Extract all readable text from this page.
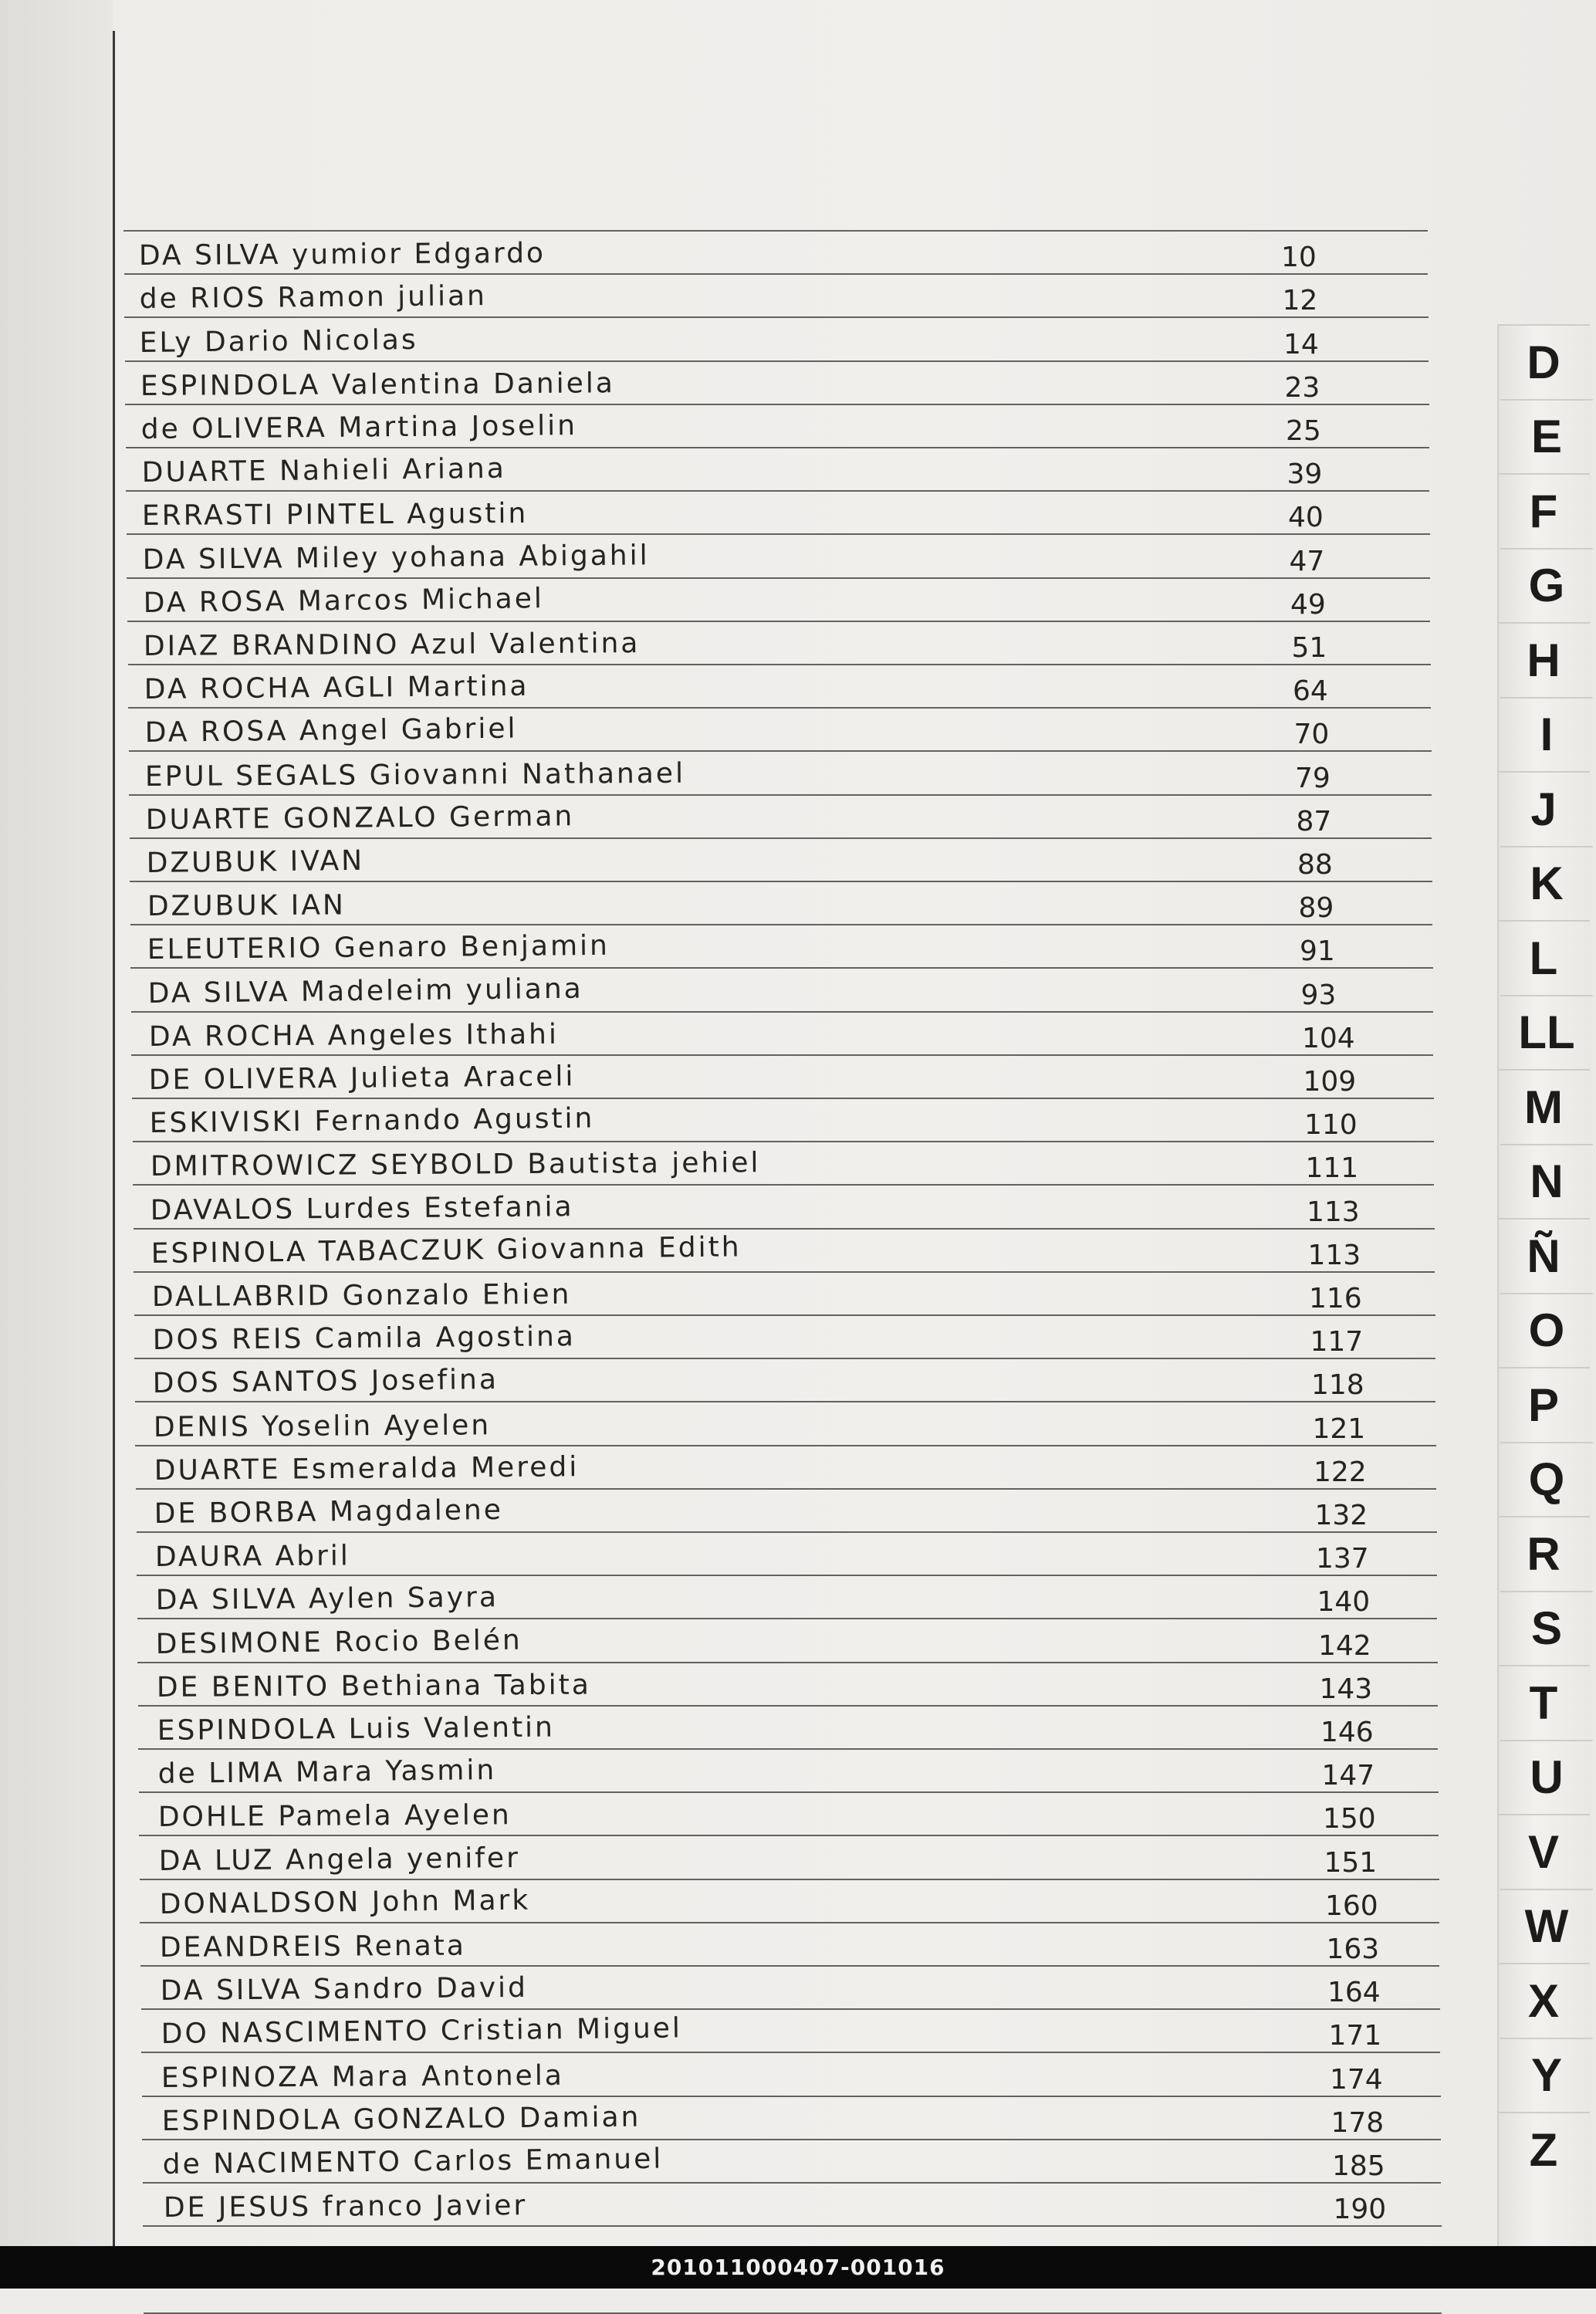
DA SILVA yumior Edgardo	10
de RIOS Ramon julian	12
ELy Dario Nicolas	14
ESPINDOLA Valentina Daniela	23
de OLIVERA Martina Joselin	25
DUARTE Nahieli Ariana	39
ERRASTI PINTEL Agustin	40
DA SILVA Miley yohana Abigahil	47
DA ROSA Marcos Michael	49
DIAZ BRANDINO Azul Valentina	51
DA ROCHA AGLI Martina	64
DA ROSA Angel Gabriel	70
EPUL SEGALS Giovanni Nathanael	79
DUARTE GONZALO German	87
DZUBUK IVAN	88
DZUBUK IAN	89
ELEUTERIO Genaro Benjamin	91
DA SILVA Madeleim yuliana	93
DA ROCHA Angeles Ithahi	104
DE OLIVERA Julieta Araceli	109
ESKIVISKI Fernando Agustin	110
DMITROWICZ SEYBOLD Bautista jehiel	111
DAVALOS Lurdes Estefania	113
ESPINOLA TABACZUK Giovanna Edith	113
DALLABRID Gonzalo Ehien	116
DOS REIS Camila Agostina	117
DOS SANTOS Josefina	118
DENIS Yoselin Ayelen	121
DUARTE Esmeralda Meredi	122
DE BORBA Magdalene	132
DAURA Abril	137
DA SILVA Aylen Sayra	140
DESIMONE Rocio Belén	142
DE BENITO Bethiana Tabita	143
ESPINDOLA Luis Valentin	146
de LIMA Mara Yasmin	147
DOHLE Pamela Ayelen	150
DA LUZ Angela yenifer	151
DONALDSON John Mark	160
DEANDREIS Renata	163
DA SILVA Sandro David	164
DO NASCIMENTO Cristian Miguel	171
ESPINOZA Mara Antonela	174
ESPINDOLA GONZALO Damian	178
de NACIMENTO Carlos Emanuel	185
DE JESUS franco Javier	190
D
E
F
G
H
I
J
K
L
LL
M
N
Ñ
O
P
Q
R
S
T
U
V
W
X
Y
Z
201011000407-001016
